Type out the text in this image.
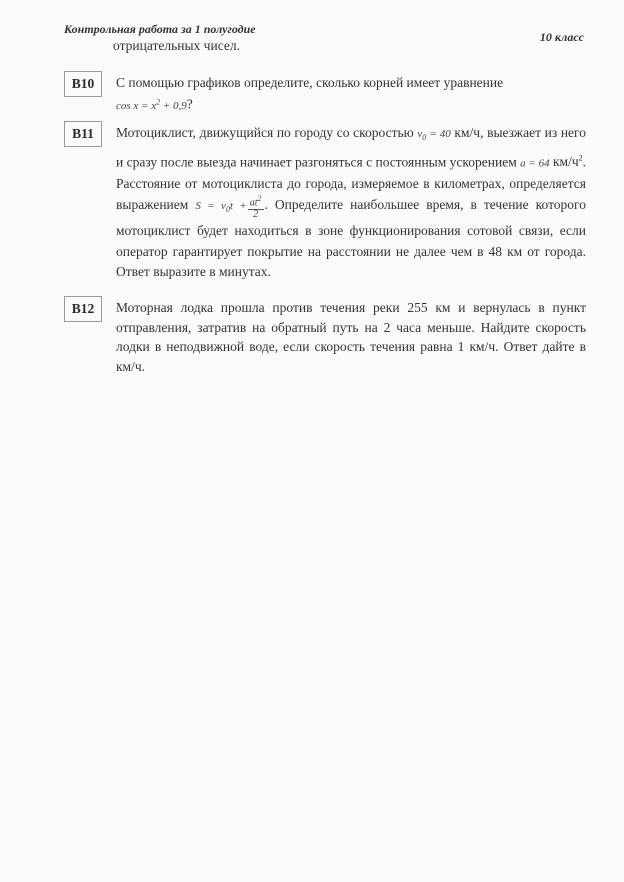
Контрольная работа за 1 полугодие
10 класс
отрицательных чисел.
B10	С помощью графиков определите, сколько корней имеет уравнение
$\cos x = x^2 + 0,9$?

B11	Мотоциклист, движущийся по городу со скоростью $v_0 = 40$ км/ч, выезжает из него и сразу после выезда начинает разгоняться с постоянным ускорением a = 64 $км/ч^2$. Расстояние от мотоциклиста до города, измеряемое в километрах, определяется выражением $S = v_0t + \frac{at^2}{2}$ . Определите наибольшее время, в течение которого мотоциклист будет находиться в зоне функционирования сотовой связи, если оператор гарантирует покрытие на расстоянии не далее чем в 48 км от города. Ответ выразите в минутах.

B12	Моторная лодка прошла против течения реки 255 км и вернулась в пункт отправления, затратив на обратный путь на 2 часа меньше. Найдите скорость лодки в неподвижной воде, если скорость течения равна 1 км/ч. Ответ дайте в км/ч.
